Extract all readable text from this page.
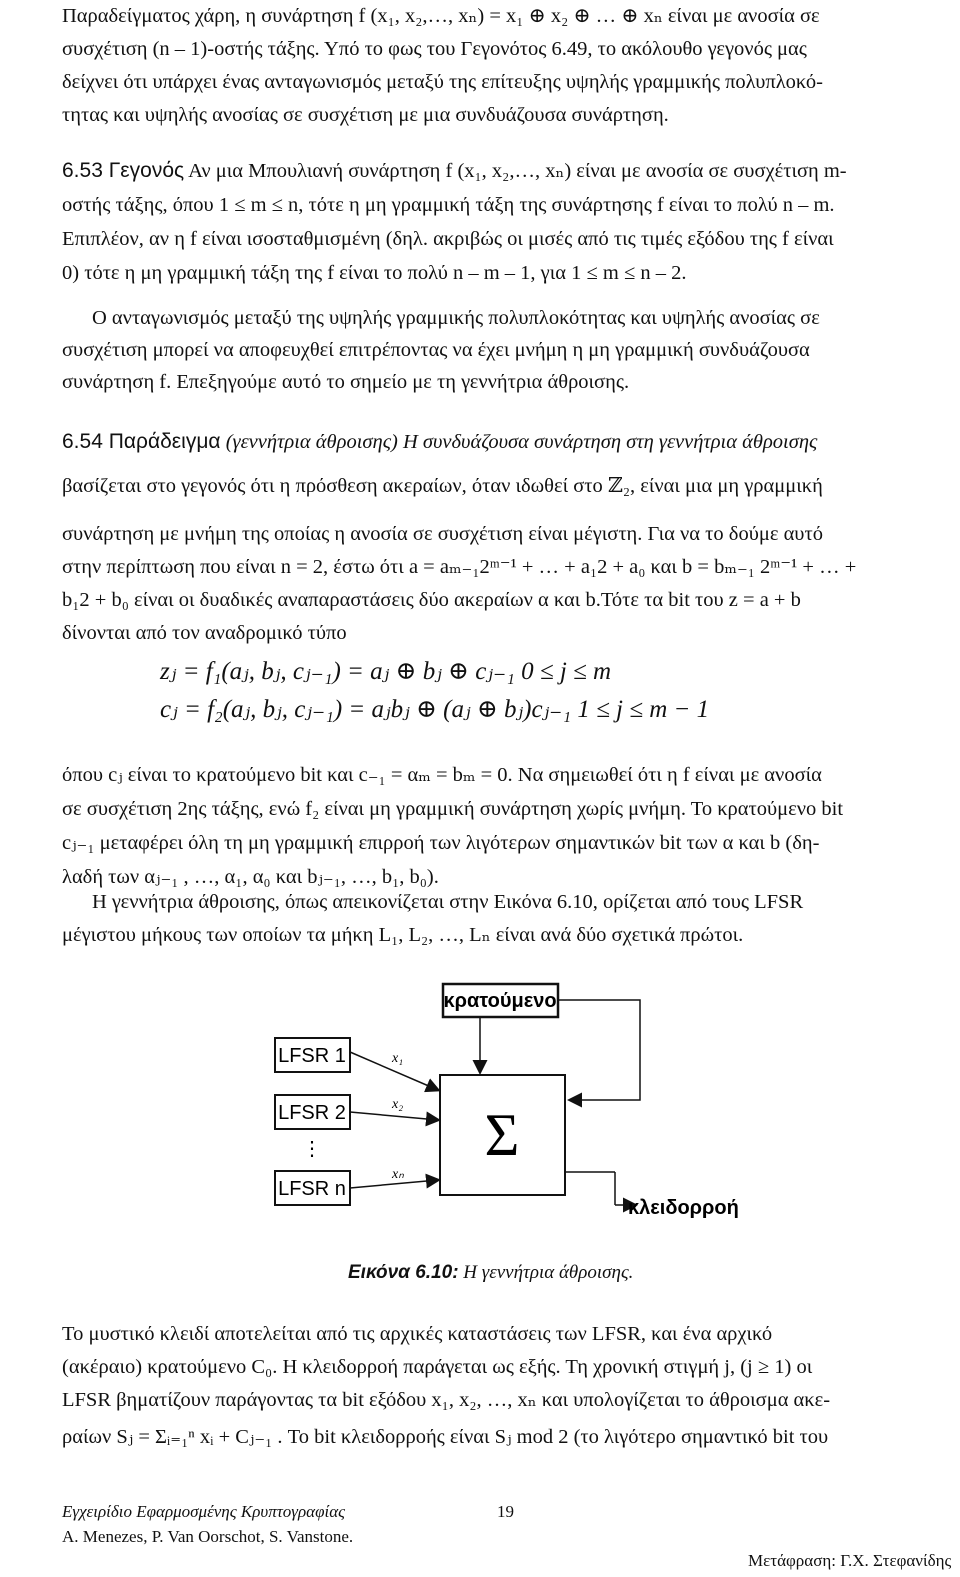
Παραδείγματος χάρη, η συνάρτηση f (x₁, x₂,…, xₙ) = x₁ ⊕ x₂ ⊕ … ⊕ xₙ είναι με ανοσία σε
συσχέτιση (n – 1)-οστής τάξης. Υπό το φως του Γεγονότος 6.49, το ακόλουθο γεγονός μας
δείχνει ότι υπάρχει ένας ανταγωνισμός μεταξύ της επίτευξης υψηλής γραμμικής πολυπλοκό-
τητας και υψηλής ανοσίας σε συσχέτιση με μια συνδυάζουσα συνάρτηση.
6.53 Γεγονός Αν μια Μπουλιανή συνάρτηση f (x₁, x₂,…, xₙ) είναι με ανοσία σε συσχέτιση m-
οστής τάξης, όπου 1 ≤ m ≤ n, τότε η μη γραμμική τάξη της συνάρτησης f είναι το πολύ n – m.
Επιπλέον, αν η f είναι ισοσταθμισμένη (δηλ. ακριβώς οι μισές από τις τιμές εξόδου της f είναι
0) τότε η μη γραμμική τάξη της f είναι το πολύ n – m – 1, για 1 ≤ m ≤ n – 2.
Ο ανταγωνισμός μεταξύ της υψηλής γραμμικής πολυπλοκότητας και υψηλής ανοσίας σε
συσχέτιση μπορεί να αποφευχθεί επιτρέποντας να έχει μνήμη η μη γραμμική συνδυάζουσα
συνάρτηση f. Επεξηγούμε αυτό το σημείο με τη γεννήτρια άθροισης.
6.54 Παράδειγμα (γεννήτρια άθροισης) Η συνδυάζουσα συνάρτηση στη γεννήτρια άθροισης
βασίζεται στο γεγονός ότι η πρόσθεση ακεραίων, όταν ιδωθεί στο ℤ₂, είναι μια μη γραμμική
συνάρτηση με μνήμη της οποίας η ανοσία σε συσχέτιση είναι μέγιστη. Για να το δούμε αυτό
στην περίπτωση που είναι n = 2, έστω ότι a = aₘ₋₁2ᵐ⁻¹ + … + a₁2 + a₀ και b = bₘ₋₁ 2ᵐ⁻¹ + … +
b₁2 + b₀ είναι οι δυαδικές αναπαραστάσεις δύο ακεραίων α και b.Τότε τα bit του z = a + b
δίνονται από τον αναδρομικό τύπο
zⱼ = f₁(aⱼ, bⱼ, cⱼ₋₁) = aⱼ ⊕ bⱼ ⊕ cⱼ₋₁ 0 ≤ j ≤ m
cⱼ = f₂(aⱼ, bⱼ, cⱼ₋₁) = aⱼbⱼ ⊕ (aⱼ ⊕ bⱼ)cⱼ₋₁ 1 ≤ j ≤ m − 1
όπου cⱼ είναι το κρατούμενο bit και c₋₁ = αₘ = bₘ = 0. Να σημειωθεί ότι η f είναι με ανοσία
σε συσχέτιση 2ης τάξης, ενώ f₂ είναι μη γραμμική συνάρτηση χωρίς μνήμη. Το κρατούμενο bit
cⱼ₋₁ μεταφέρει όλη τη μη γραμμική επιρροή των λιγότερων σημαντικών bit των α και b (δη-
λαδή των αⱼ₋₁ , …, α₁, α₀ και bⱼ₋₁, …, b₁, b₀).
Η γεννήτρια άθροισης, όπως απεικονίζεται στην Εικόνα 6.10, ορίζεται από τους LFSR
μέγιστου μήκους των οποίων τα μήκη L₁, L₂, …, Lₙ είναι ανά δύο σχετικά πρώτοι.
κρατούμενο
Σ
LFSR 1
LFSR 2
⋮
LFSR n
x₁
x₂
xₙ
κλειδορροή
Εικόνα 6.10: Η γεννήτρια άθροισης.
Το μυστικό κλειδί αποτελείται από τις αρχικές καταστάσεις των LFSR, και ένα αρχικό
(ακέραιο) κρατούμενο C₀. Η κλειδορροή παράγεται ως εξής. Τη χρονική στιγμή j, (j ≥ 1) οι
LFSR βηματίζουν παράγοντας τα bit εξόδου x₁, x₂, …, xₙ και υπολογίζεται το άθροισμα ακε-
ραίων Sⱼ = Σᵢ₌₁ⁿ xᵢ + Cⱼ₋₁ . Το bit κλειδορροής είναι Sⱼ mod 2 (το λιγότερο σημαντικό bit του
Εγχειρίδιο Εφαρμοσμένης Κρυπτογραφίας
A. Menezes, P. Van Oorschot, S. Vanstone.
19
Μετάφραση: Γ.Χ. Στεφανίδης
